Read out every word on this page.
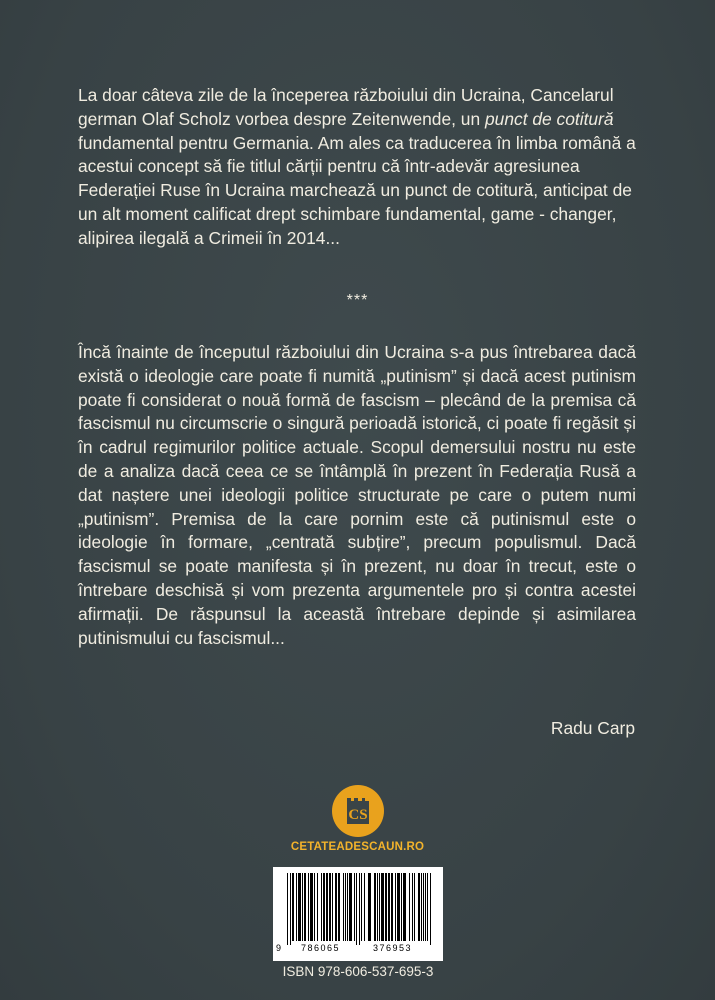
La doar câteva zile de la începerea războiului din Ucraina, Cancelarul german Olaf Scholz vorbea despre Zeitenwende, un punct de cotitură fundamental pentru Germania. Am ales ca traducerea în limba română a acestui concept să fie titlul cărții pentru că într-adevăr agresiunea Federației Ruse în Ucraina marchează un punct de cotitură, anticipat de un alt moment calificat drept schimbare fundamental, game - changer, alipirea ilegală a Crimeii în 2014...

***

Încă înainte de începutul războiului din Ucraina s-a pus întrebarea dacă există o ideologie care poate fi numită „putinism” și dacă acest putinism poate fi considerat o nouă formă de fascism – plecând de la premisa că fascismul nu circumscrie o singură perioadă istorică, ci poate fi regăsit și în cadrul regimurilor politice actuale. Scopul demersului nostru nu este de a analiza dacă ceea ce se întâmplă în prezent în Federația Rusă a dat naștere unei ideologii politice structurate pe care o putem numi „putinism”. Premisa de la care pornim este că putinismul este o ideologie în formare, „centrată subțire”, precum populismul. Dacă fascismul se poate manifesta și în prezent, nu doar în trecut, este o întrebare deschisă și vom prezenta argumentele pro și contra acestei afirmații. De răspunsul la această întrebare depinde și asimilarea putinismului cu fascismul...

Radu Carp
CS
CETATEADESCAUN.RO
9 786065	376953
ISBN 978-606-537-695-3
